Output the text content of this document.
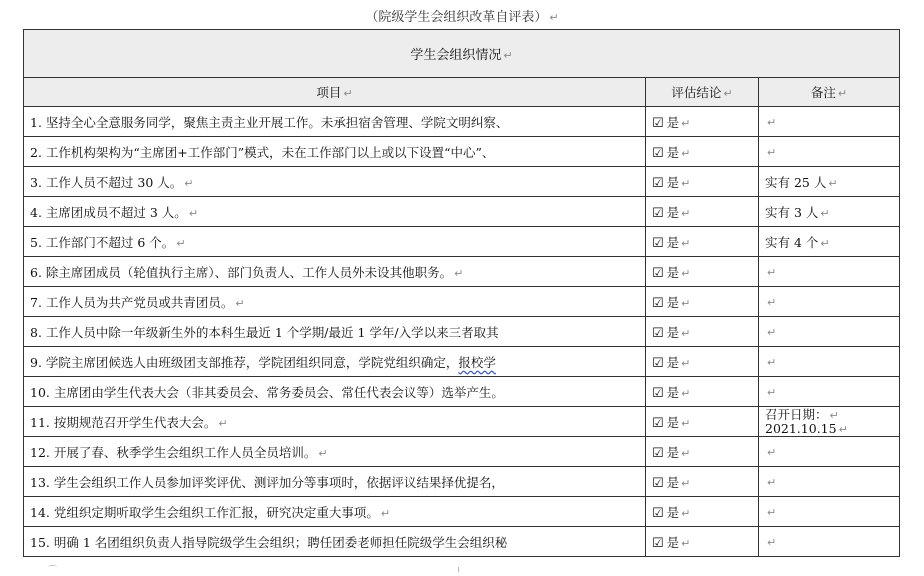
（院级学生会组织改革自评表） ↵
学生会组织情况 ↵		
项目 ↵	评估结论 ↵	备注 ↵
1. 坚持全心全意服务同学，聚焦主责主业开展工作。未承担宿舍管理、学院文明纠察、	☑ 是 ↵	↵
2. 工作机构架构为“主席团+工作部门”模式，未在工作部门以上或以下设置“中心”、	☑ 是 ↵	↵
3. 工作人员不超过 30 人。 ↵	☑ 是 ↵	实有 25 人 ↵
4. 主席团成员不超过 3 人。 ↵	☑ 是 ↵	实有 3 人 ↵
5. 工作部门不超过 6 个。 ↵	☑ 是 ↵	实有 4 个 ↵
6. 除主席团成员（轮值执行主席）、部门负责人、工作人员外未设其他职务。 ↵	☑ 是 ↵	↵
7. 工作人员为共产党员或共青团员。 ↵	☑ 是 ↵	↵
8. 工作人员中除一年级新生外的本科生最近 1 个学期/最近 1 学年/入学以来三者取其	☑ 是 ↵	↵
9. 学院主席团候选人由班级团支部推荐，学院团组织同意，学院党组织确定，报校学	☑ 是 ↵	↵
10. 主席团由学生代表大会（非其委员会、常务委员会、常任代表会议等）选举产生。	☑ 是 ↵	↵
11. 按期规范召开学生代表大会。 ↵	☑ 是 ↵	召开日期： ↵
2021.10.15 ↵

12. 开展了春、秋季学生会组织工作人员全员培训。 ↵	☑ 是 ↵	↵
13. 学生会组织工作人员参加评奖评优、测评加分等事项时，依据评议结果择优提名，	☑ 是 ↵	↵
14. 党组织定期听取学生会组织工作汇报，研究决定重大事项。 ↵	☑ 是 ↵	↵
15. 明确 1 名团组织负责人指导院级学生会组织；聘任团委老师担任院级学生会组织秘	☑ 是 ↵	↵
⌒	╷
